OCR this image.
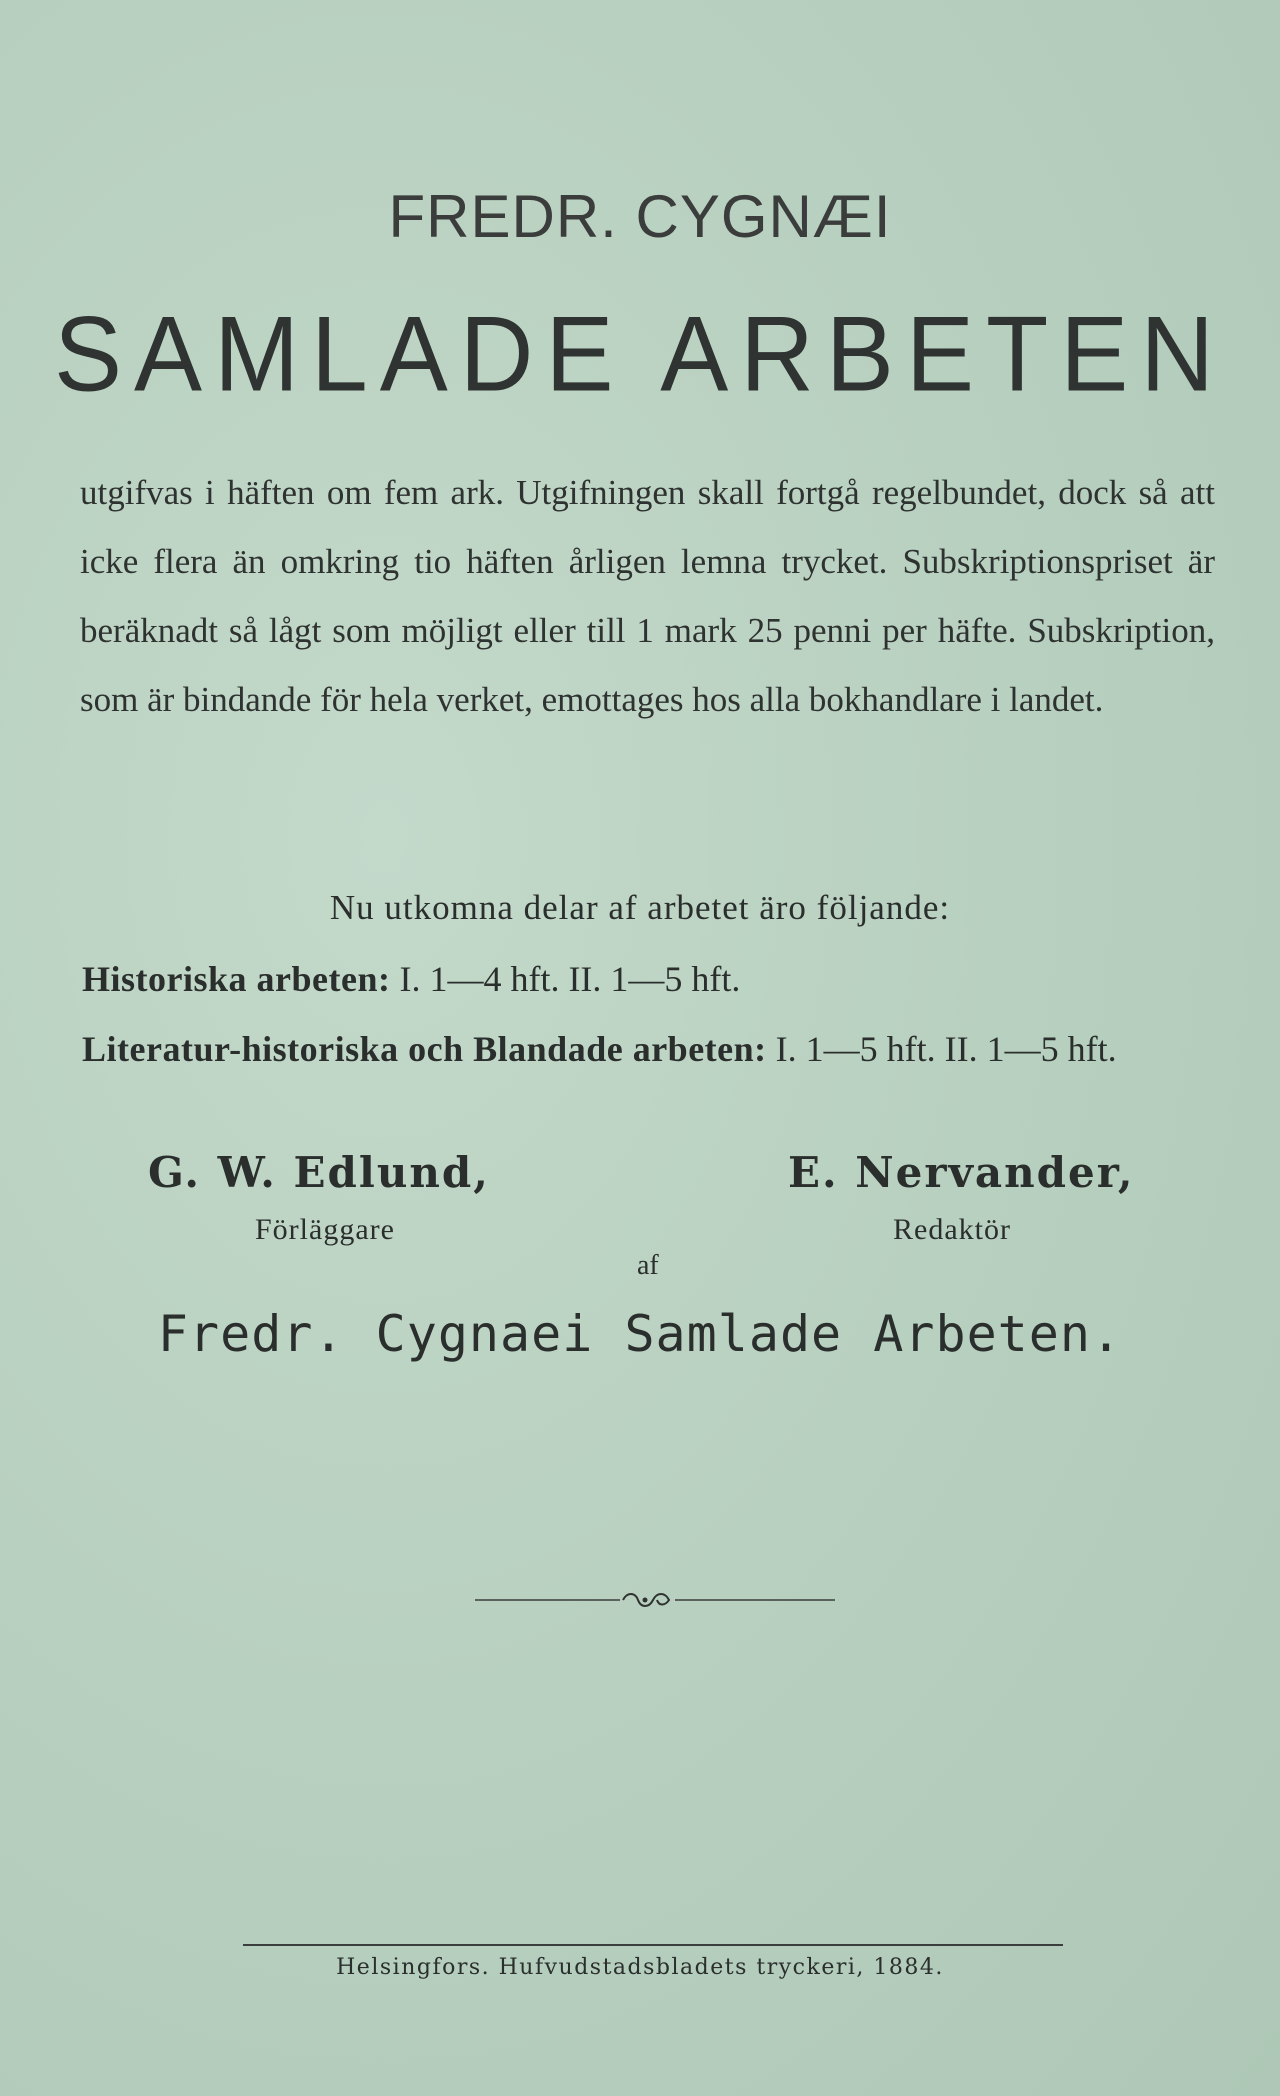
FREDR. CYGNÆI
SAMLADE ARBETEN
utgifvas i häften om fem ark. Utgifningen skall fortgå regelbundet, dock så att icke flera än omkring tio häften årligen lemna trycket. Subskriptionspriset är beräknadt så lågt som möjligt eller till 1 mark 25 penni per häfte. Subskription, som är bindande för hela verket, emottages hos alla bokhandlare i landet.
Nu utkomna delar af arbetet äro följande:
Historiska arbeten: I. 1—4 hft. II. 1—5 hft.
Literatur-historiska och Blandade arbeten: I. 1—5 hft. II. 1—5 hft.
G. W. Edlund,
Förläggare
E. Nervander,
Redaktör
af
Fredr. Cygnaei Samlade Arbeten.
Helsingfors. Hufvudstadsbladets tryckeri, 1884.
